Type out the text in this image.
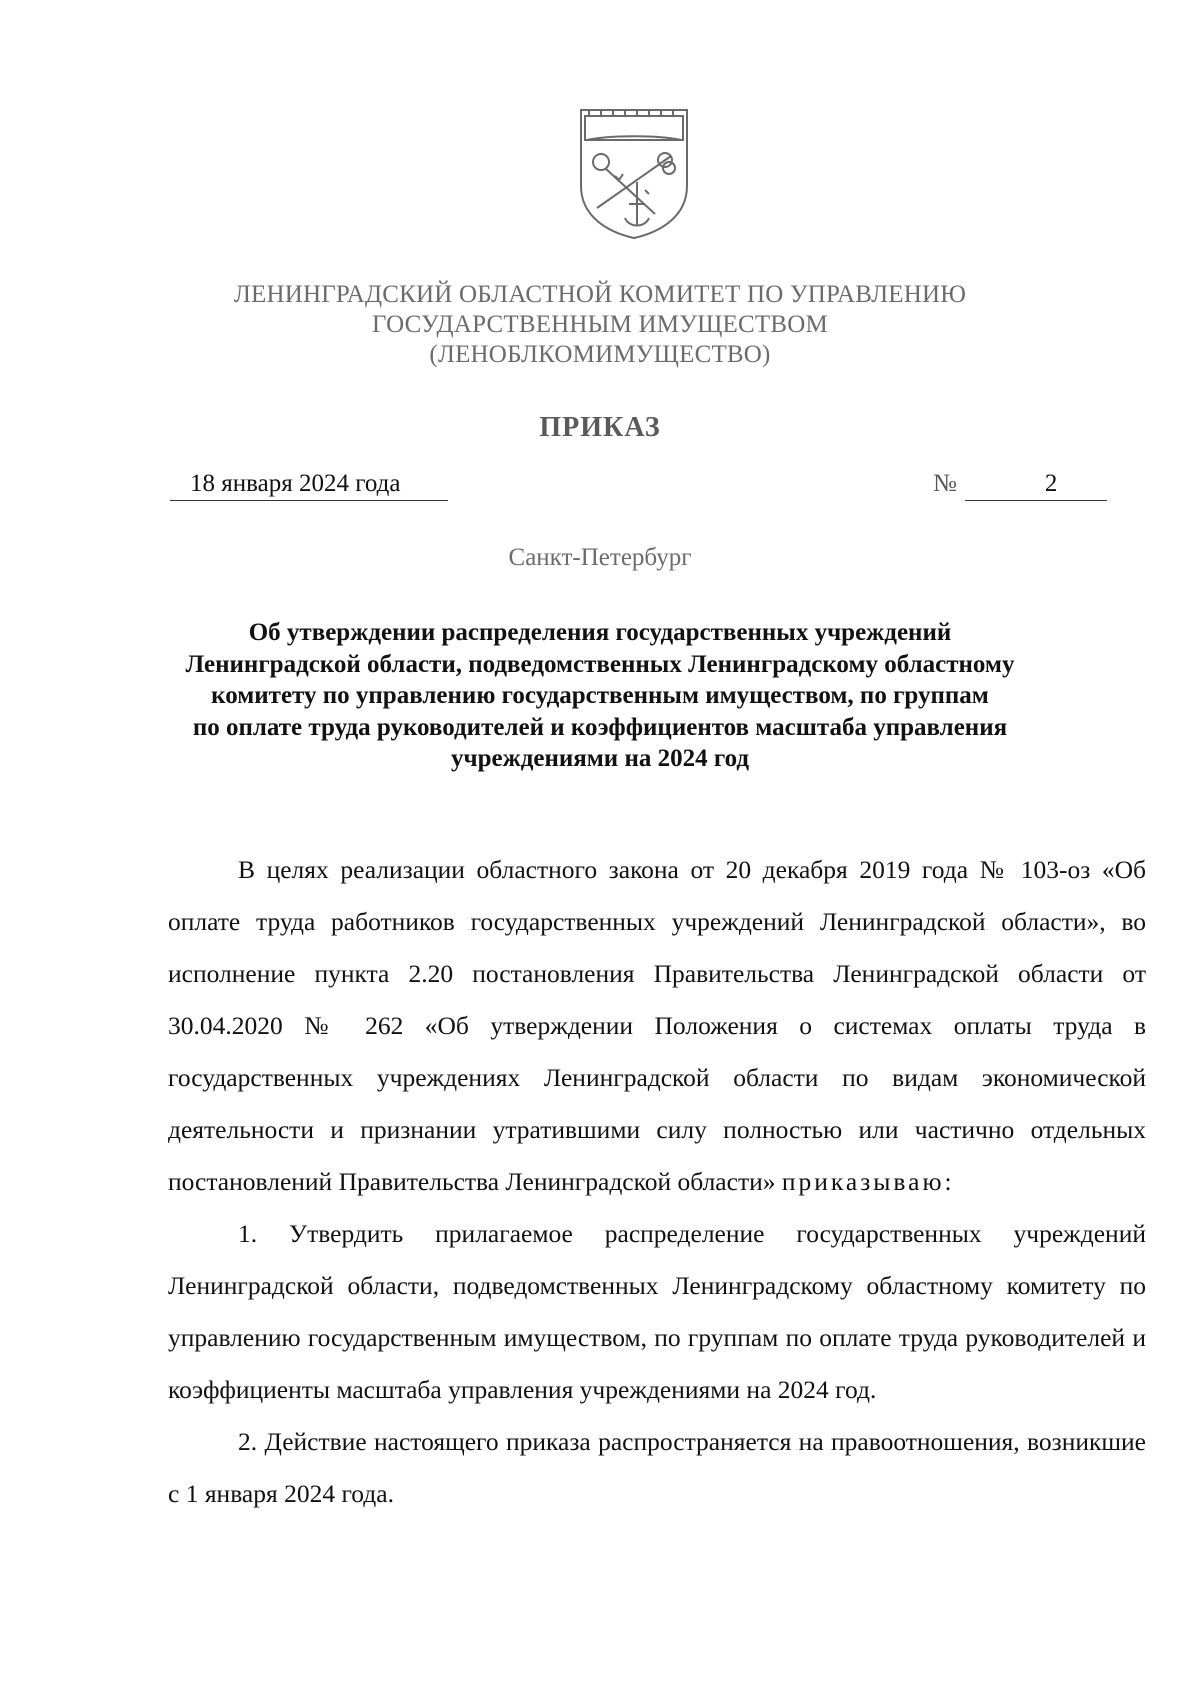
ЛЕНИНГРАДСКИЙ ОБЛАСТНОЙ КОМИТЕТ ПО УПРАВЛЕНИЮ
ГОСУДАРСТВЕННЫМ ИМУЩЕСТВОМ
(ЛЕНОБЛКОМИМУЩЕСТВО)
ПРИКАЗ
18 января 2024 года	№	2
Санкт-Петербург
Об утверждении распределения государственных учреждений
Ленинградской области, подведомственных Ленинградскому областному
комитету по управлению государственным имуществом, по группам
по оплате труда руководителей и коэффициентов масштаба управления
учреждениями на 2024 год

В целях реализации областного закона от 20 декабря 2019 года № 103-оз «Об оплате труда работников государственных учреждений Ленинградской области», во исполнение пункта 2.20 постановления Правительства Ленинградской области от 30.04.2020 № 262 «Об утверждении Положения о системах оплаты труда в государственных учреждениях Ленинградской области по видам экономической деятельности и признании утратившими силу полностью или частично отдельных постановлений Правительства Ленинградской области» приказываю:

1. Утвердить прилагаемое распределение государственных учреждений Ленинградской области, подведомственных Ленинградскому областному комитету по управлению государственным имуществом, по группам по оплате труда руководителей и коэффициенты масштаба управления учреждениями на 2024 год.

2. Действие настоящего приказа распространяется на правоотношения, возникшие с 1 января 2024 года.
